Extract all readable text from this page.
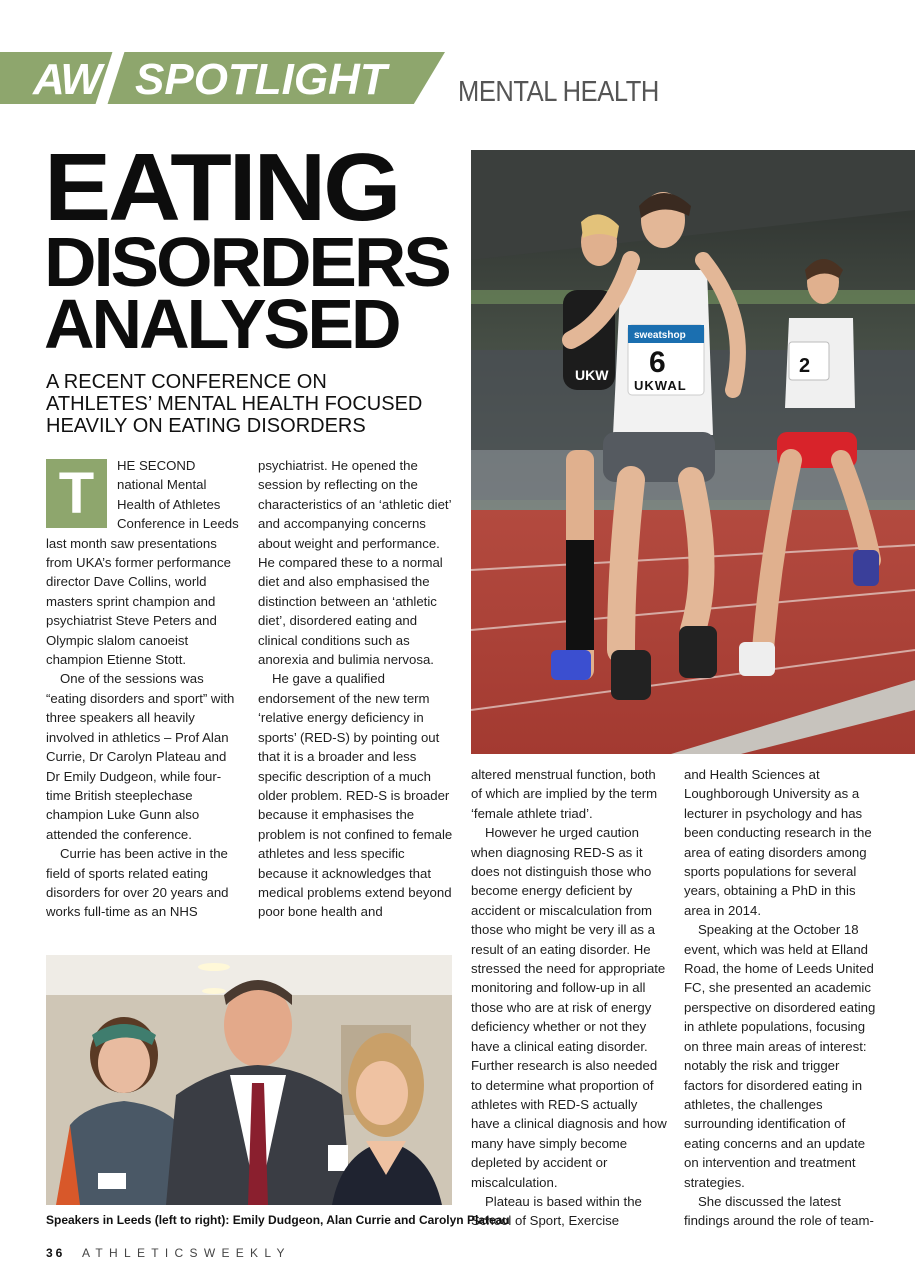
AW SPOTLIGHT MENTAL HEALTH
EATING
DISORDERS
ANALYSED
A RECENT CONFERENCE ON
ATHLETES’ MENTAL HEALTH FOCUSED
HEAVILY ON EATING DISORDERS
T	HE SECOND national Mental Health of Athletes Conference in Leeds last month saw presentations from UKA’s former performance director Dave Collins, world masters sprint champion and psychiatrist Steve Peters and Olympic slalom canoeist champion Etienne Stott.

One of the sessions was “eating disorders and sport” with three speakers all heavily involved in athletics – Prof Alan Currie, Dr Carolyn Plateau and Dr Emily Dudgeon, while four-time British steeplechase champion Luke Gunn also attended the conference.

Currie has been active in the field of sports related eating disorders for over 20 years and works full-time as an NHS

psychiatrist. He opened the session by reflecting on the characteristics of an ‘athletic diet’ and accompanying concerns about weight and performance. He compared these to a normal diet and also emphasised the distinction between an ‘athletic diet’, disordered eating and clinical conditions such as anorexia and bulimia nervosa.

He gave a qualified endorsement of the new term ‘relative energy deficiency in sports’ (RED-S) by pointing out that it is a broader and less specific description of a much older problem. RED-S is broader because it emphasises the problem is not confined to female athletes and less specific because it acknowledges that medical problems extend beyond poor bone health and

UKW
sweatshop
6
UKWAL
2

altered menstrual function, both of which are implied by the term ‘female athlete triad’.

However he urged caution when diagnosing RED-S as it does not distinguish those who become energy deficient by accident or miscalculation from those who might be very ill as a result of an eating disorder. He stressed the need for appropriate monitoring and follow-up in all those who are at risk of energy deficiency whether or not they have a clinical eating disorder. Further research is also needed to determine what proportion of athletes with RED-S actually have a clinical diagnosis and how many have simply become depleted by accident or miscalculation.

Plateau is based within the School of Sport, Exercise

and Health Sciences at Loughborough University as a lecturer in psychology and has been conducting research in the area of eating disorders among sports populations for several years, obtaining a PhD in this area in 2014.

Speaking at the October 18 event, which was held at Elland Road, the home of Leeds United FC, she presented an academic perspective on disordered eating in athlete populations, focusing on three main areas of interest: notably the risk and trigger factors for disordered eating in athletes, the challenges surrounding identification of eating concerns and an update on intervention and treatment strategies.

She discussed the latest findings around the role of team-

Speakers in Leeds (left to right): Emily Dudgeon, Alan Currie and Carolyn Plateau
36 ATHLETICSWEEKLY
